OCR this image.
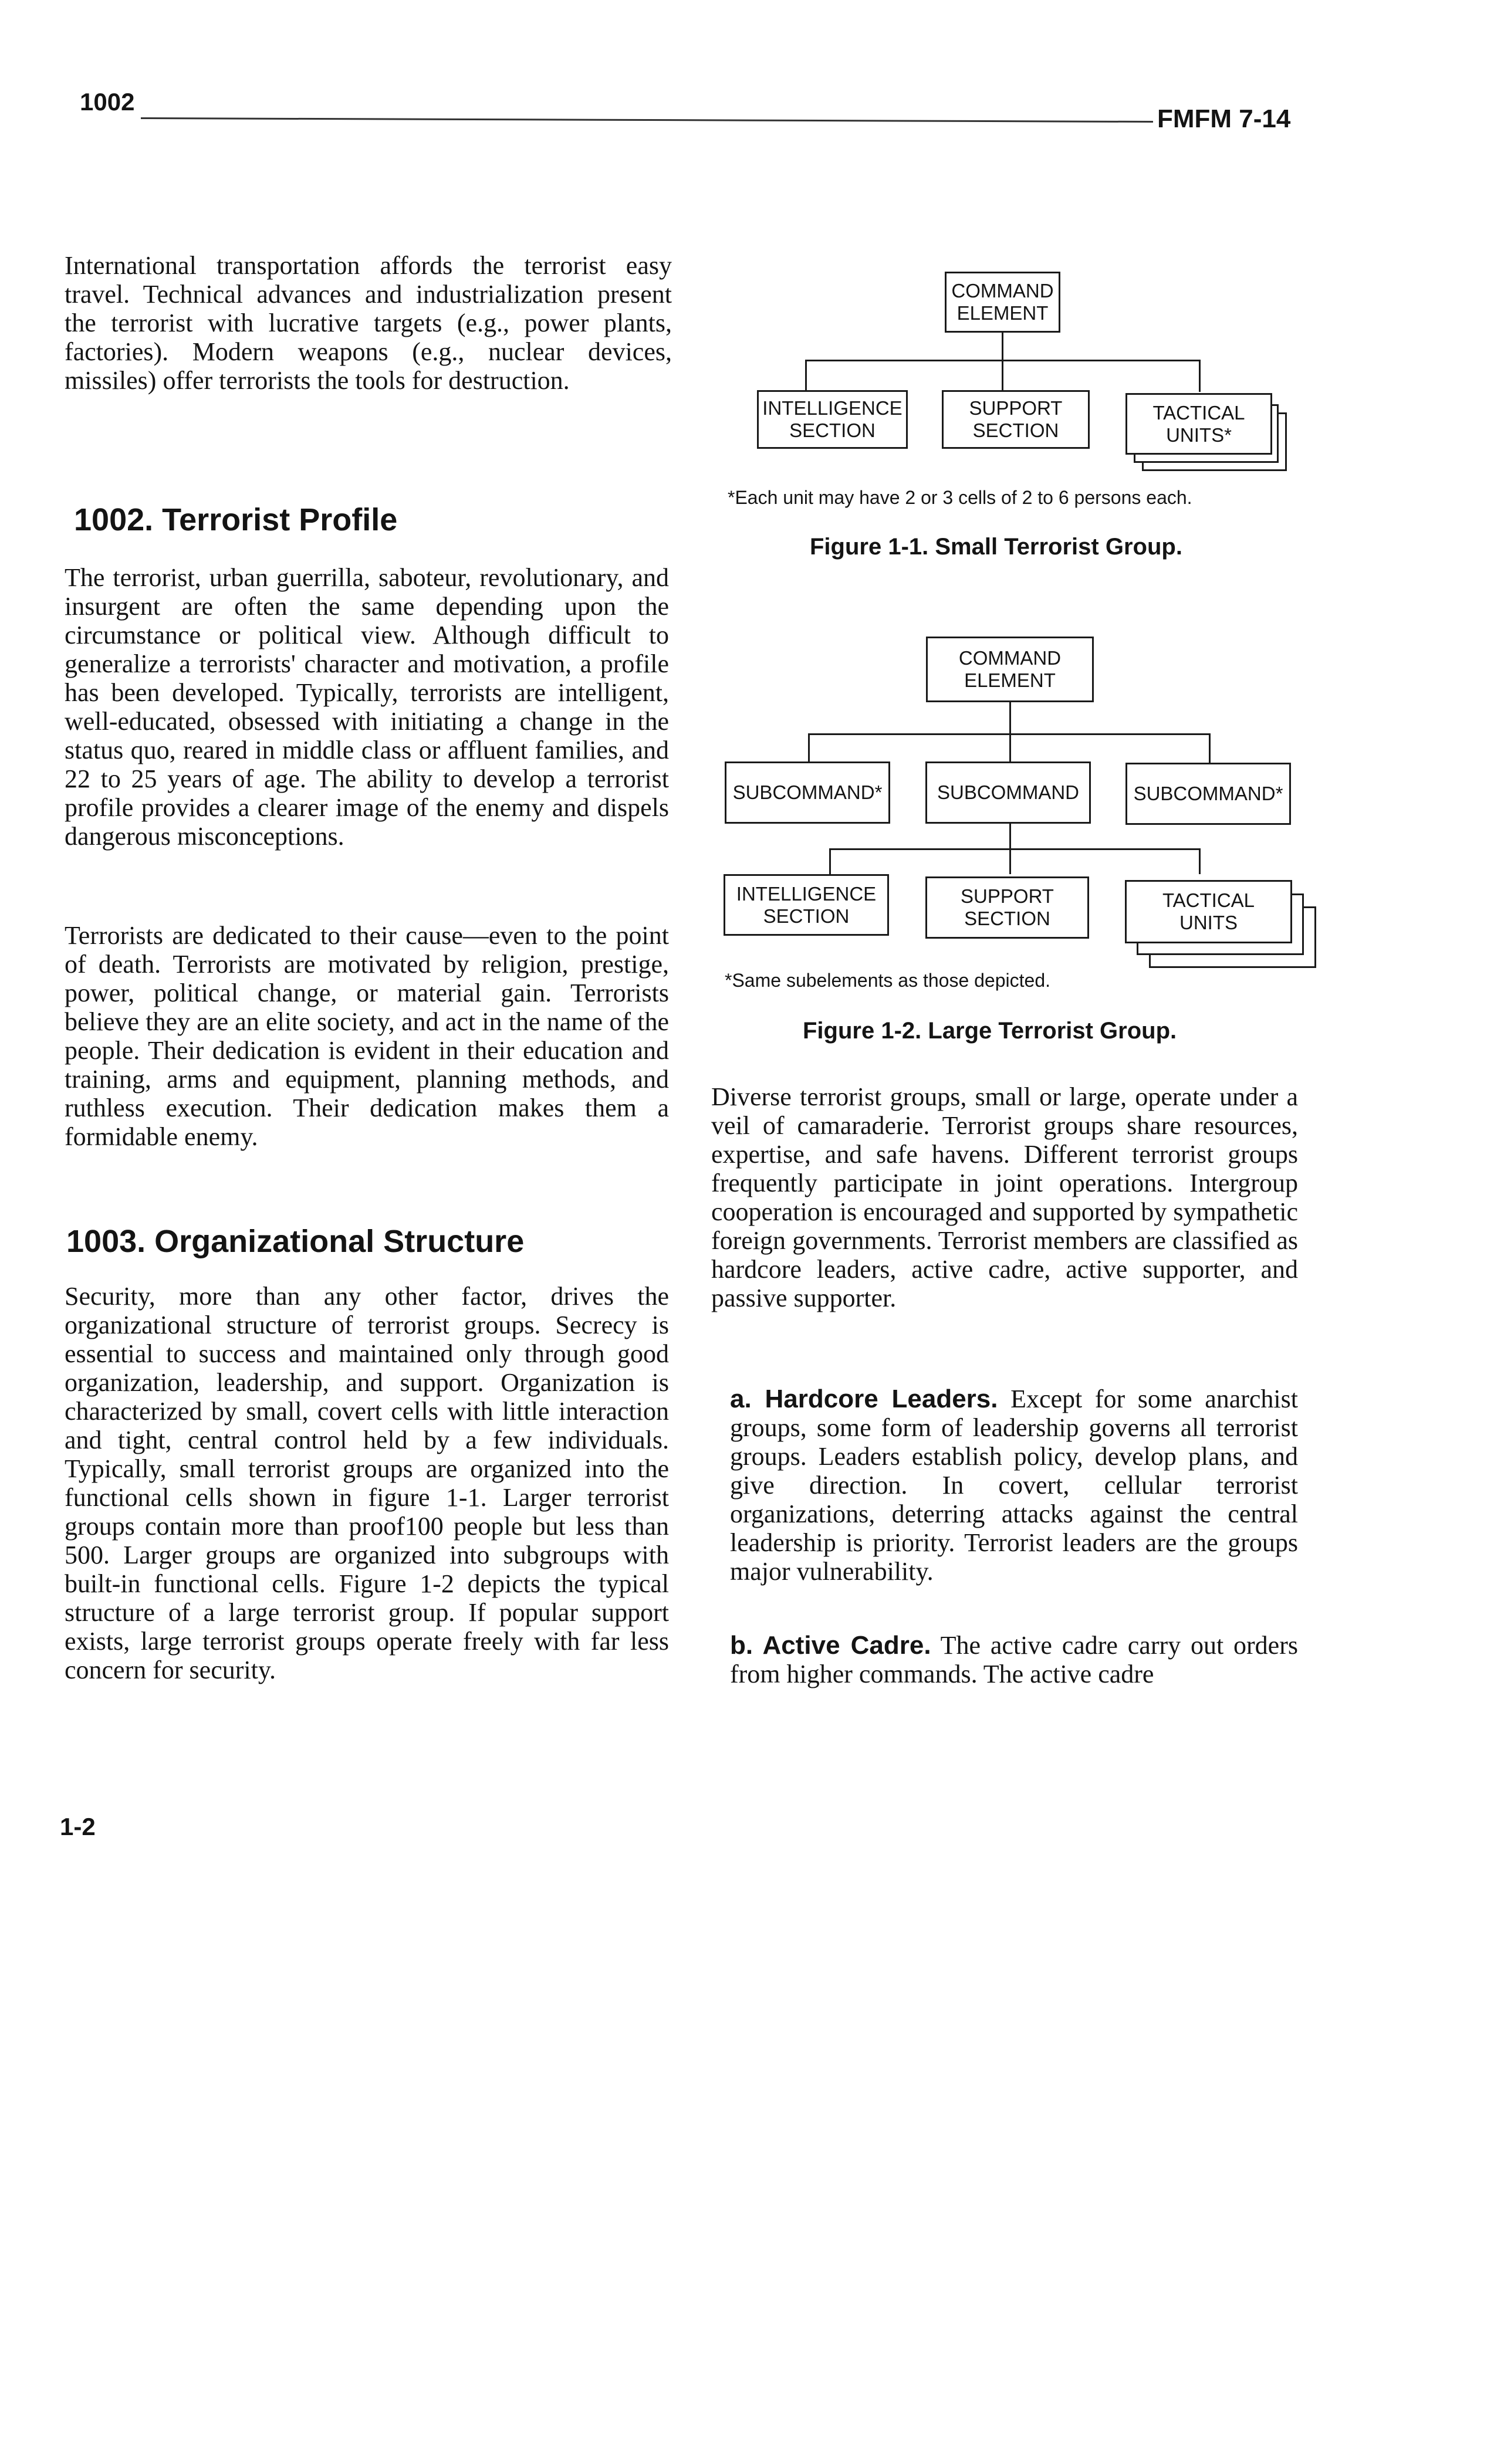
1002
FMFM 7-14

International transportation affords the terrorist easy travel. Technical advances and industrialization present the terrorist with lucrative targets (e.g., power plants, factories). Modern weapons (e.g., nuclear devices, missiles) offer terrorists the tools for destruction.

1002. Terrorist Profile

The terrorist, urban guerrilla, saboteur, revolutionary, and insurgent are often the same depending upon the circumstance or political view. Although difficult to generalize a terrorists' character and motivation, a profile has been developed. Typically, terrorists are intelligent, well-educated, obsessed with initiating a change in the status quo, reared in middle class or affluent families, and 22 to 25 years of age. The ability to develop a terrorist profile provides a clearer image of the enemy and dispels dangerous misconceptions.

Terrorists are dedicated to their cause—even to the point of death. Terrorists are motivated by religion, prestige, power, political change, or material gain. Terrorists believe they are an elite society, and act in the name of the people. Their dedication is evident in their education and training, arms and equipment, planning methods, and ruthless execution. Their dedication makes them a formidable enemy.

1003. Organizational Structure

Security, more than any other factor, drives the organizational structure of terrorist groups. Secrecy is essential to success and maintained only through good organization, leadership, and support. Organization is characterized by small, covert cells with little interaction and tight, central control held by a few individuals. Typically, small terrorist groups are organized into the functional cells shown in figure 1-1. Larger terrorist groups contain more than proof100 people but less than 500. Larger groups are organized into subgroups with built-in functional cells. Figure 1-2 depicts the typical structure of a large terrorist group. If popular support exists, large terrorist groups operate freely with far less concern for security.

COMMAND
ELEMENT
INTELLIGENCE
SECTION
SUPPORT
SECTION
TACTICAL
UNITS*
*Each unit may have 2 or 3 cells of 2 to 6 persons each.
Figure 1-1. Small Terrorist Group.
COMMAND
ELEMENT
SUBCOMMAND*	SUBCOMMAND	SUBCOMMAND*
INTELLIGENCE
SECTION
SUPPORT
SECTION
TACTICAL
UNITS
*Same subelements as those depicted.
Figure 1-2. Large Terrorist Group.

Diverse terrorist groups, small or large, operate under a veil of camaraderie. Terrorist groups share resources, expertise, and safe havens. Different terrorist groups frequently participate in joint operations. Intergroup cooperation is encouraged and supported by sympathetic foreign governments. Terrorist members are classified as hardcore leaders, active cadre, active supporter, and passive supporter.

a. Hardcore Leaders. Except for some anarchist groups, some form of leadership governs all terrorist groups. Leaders establish policy, develop plans, and give direction. In covert, cellular terrorist organizations, deterring attacks against the central leadership is priority. Terrorist leaders are the groups major vulnerability.

b. Active Cadre. The active cadre carry out orders from higher commands. The active cadre

1-2
